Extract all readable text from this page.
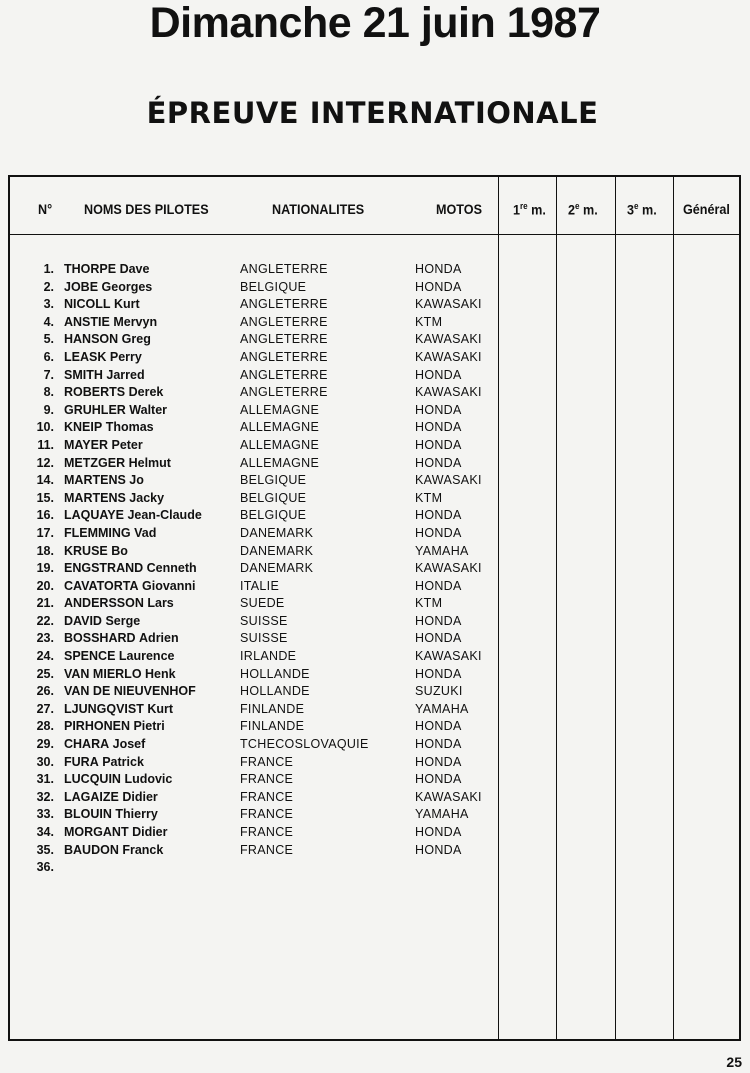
Dimanche 21 juin 1987
ÉPREUVE INTERNATIONALE
N° NOMS DES PILOTES	NATIONALITES	MOTOS 1re m. 2e m. 3e m. Général
1. THORPE Dave	ANGLETERRE	HONDA
2. JOBE Georges	BELGIQUE	HONDA
3. NICOLL Kurt	ANGLETERRE	KAWASAKI
4. ANSTIE Mervyn	ANGLETERRE	KTM
5. HANSON Greg	ANGLETERRE	KAWASAKI
6. LEASK Perry	ANGLETERRE	KAWASAKI
7. SMITH Jarred	ANGLETERRE	HONDA
8. ROBERTS Derek	ANGLETERRE	KAWASAKI
9. GRUHLER Walter	ALLEMAGNE	HONDA
10. KNEIP Thomas	ALLEMAGNE	HONDA
11. MAYER Peter	ALLEMAGNE	HONDA
12. METZGER Helmut	ALLEMAGNE	HONDA
14. MARTENS Jo	BELGIQUE	KAWASAKI
15. MARTENS Jacky	BELGIQUE	KTM
16. LAQUAYE Jean-Claude	BELGIQUE	HONDA
17. FLEMMING Vad	DANEMARK	HONDA
18. KRUSE Bo	DANEMARK	YAMAHA
19. ENGSTRAND Cenneth	DANEMARK	KAWASAKI
20. CAVATORTA Giovanni	ITALIE	HONDA
21. ANDERSSON Lars	SUEDE	KTM
22. DAVID Serge	SUISSE	HONDA
23. BOSSHARD Adrien	SUISSE	HONDA
24. SPENCE Laurence	IRLANDE	KAWASAKI
25. VAN MIERLO Henk	HOLLANDE	HONDA
26. VAN DE NIEUVENHOF	HOLLANDE	SUZUKI
27. LJUNGQVIST Kurt	FINLANDE	YAMAHA
28. PIRHONEN Pietri	FINLANDE	HONDA
29. CHARA Josef	TCHECOSLOVAQUIE	HONDA
30. FURA Patrick	FRANCE	HONDA
31. LUCQUIN Ludovic	FRANCE	HONDA
32. LAGAIZE Didier	FRANCE	KAWASAKI
33. BLOUIN Thierry	FRANCE	YAMAHA
34. MORGANT Didier	FRANCE	HONDA
35. BAUDON Franck	FRANCE	HONDA
36.
25
